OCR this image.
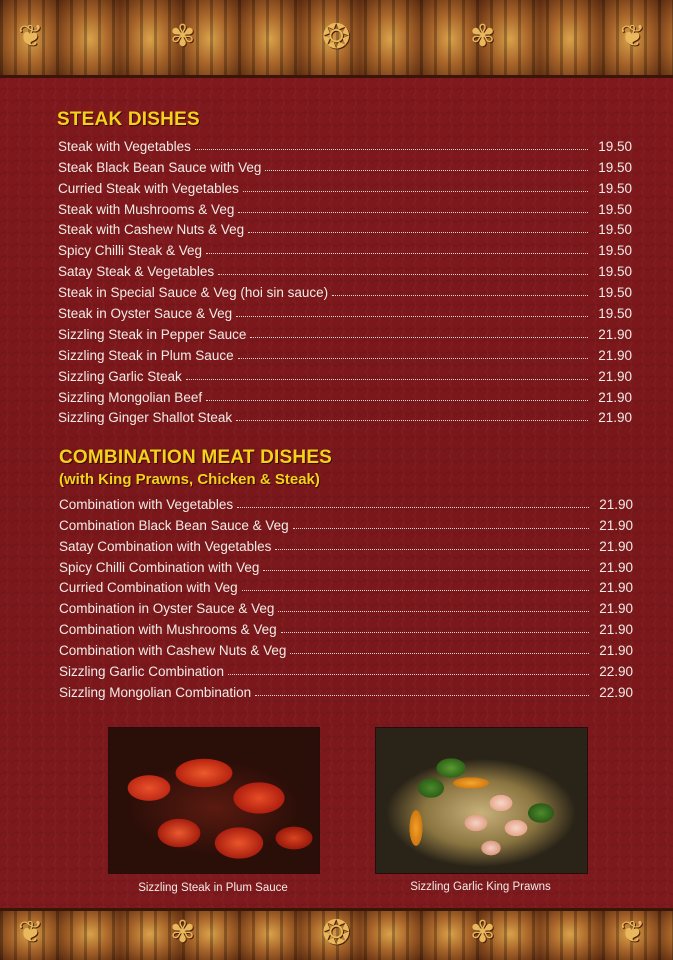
❦	✾	❂	✾	❦
STEAK DISHES
Steak with Vegetables	19.50
Steak Black Bean Sauce with Veg	19.50
Curried Steak with Vegetables	19.50
Steak with Mushrooms & Veg	19.50
Steak with Cashew Nuts & Veg	19.50
Spicy Chilli Steak & Veg	19.50
Satay Steak & Vegetables	19.50
Steak in Special Sauce & Veg (hoi sin sauce)	19.50
Steak in Oyster Sauce & Veg	19.50
Sizzling Steak in Pepper Sauce	21.90
Sizzling Steak in Plum Sauce	21.90
Sizzling Garlic Steak	21.90
Sizzling Mongolian Beef	21.90
Sizzling Ginger Shallot Steak	21.90
COMBINATION MEAT DISHES

(with King Prawns, Chicken & Steak)

Combination with Vegetables	21.90
Combination Black Bean Sauce & Veg	21.90
Satay Combination with Vegetables	21.90
Spicy Chilli Combination with Veg	21.90
Curried Combination with Veg	21.90
Combination in Oyster Sauce & Veg	21.90
Combination with Mushrooms & Veg	21.90
Combination with Cashew Nuts & Veg	21.90
Sizzling Garlic Combination	22.90
Sizzling Mongolian Combination	22.90

Sizzling Steak in Plum Sauce	Sizzling Garlic King Prawns

❦	✾	❂	✾	❦
